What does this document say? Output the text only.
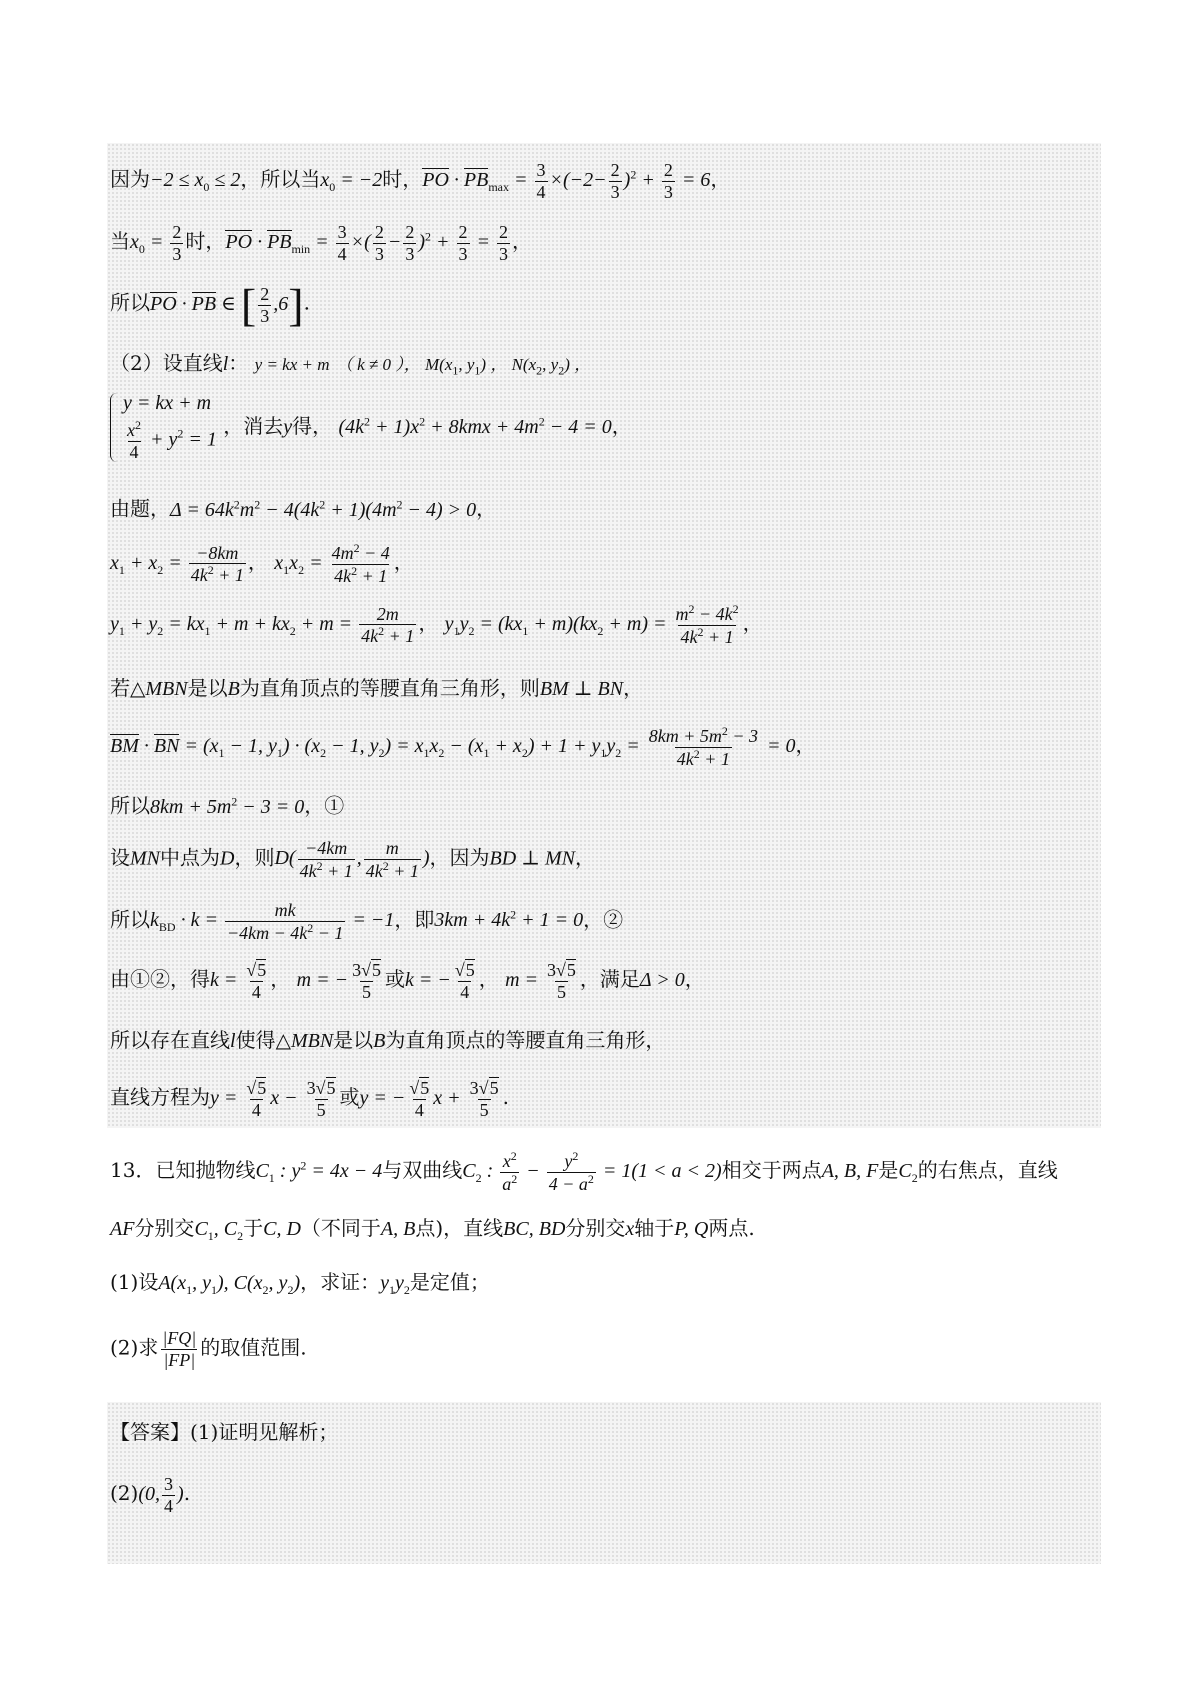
因为$-2 \le x_0 \le 2$，所以当$x_0 = -2$时，PO · $PB_{max} = \frac{3}{4} \times(-2- \frac{2}{3} )^2 + \frac{2}{3} = 6$，
当$x_0 = \frac{2}{3}$ 时，PO · $PB_{min} = \frac{3}{4}$ ×( $\frac{2}{3} - \frac{2}{3} )^2 + \frac{2}{3} = \frac{2}{3}$ ，
所以PO · PB ∈ [ $\frac{2}{3} ,6$].
（2）设直线l： y = kx + m （ k ≠ 0 ）， $M(x_1$, $y_1$) ， $N(x_2$, $y_2$) ，
y = kx + m
$\frac{x^2}{4} + y^2 = 1$
，消去y得， $(4k^2 + 1)x^2 + 8kmx + 4m^2 - 4 = 0$，
由题，$\Delta = 64k^2m^2 - 4(4k^2 + 1)(4m^2 - 4) > 0$，
$x_1 + x_2 = \frac{-8km}{4k^2 + 1}$ ， $x_1x_2 = \frac{4m^2 - 4}{4k^2 + 1}$ ，
$y_1 + y_2 = kx_1 + m + kx_2 + m = \frac{2m}{4k^2 + 1}$ ， $y_1y_2 = (kx_1 + m)(kx_2 + m) = \frac{m^2 - 4k^2}{4k^2 + 1}$ ，
若△MBN是以B为直角顶点的等腰直角三角形，则BM ⊥ BN，
BM · BN = ($x_1 - 1$, $y_1) \cdot (x_2 - 1$, $y_2) = x_1x_2 - (x_1 + x_2) + 1 + y_1y_2 = \frac{8km + 5m^2 - 3}{4k^2 + 1} = 0$，
所以$8km + 5m^2 - 3 = 0$，①
设MN中点为D，则$D( \frac{-4km}{4k^2 + 1}$ , $\frac{m}{4k^2 + 1}$ )，因为BD ⊥ MN，
所以$k_{BD} \cdot k = \frac{mk}{-4km - 4k^2 - 1} = -1$，即$3km + 4k^2 + 1 = 0$，②
由①②，得$k = \frac{√5}{4}$ ， m = − $\frac{3√5}{5}$ 或k = − $\frac{√5}{4}$ ， $m = \frac{3√5}{5}$ ，满足Δ > 0，
所以存在直线l使得△MBN是以B为直角顶点的等腰直角三角形，
直线方程为$y = \frac{√5}{4}$ $x - \frac{3√5}{5}$ 或y = − $\frac{√5}{4}$ $x + \frac{3√5}{5}$ .
13．已知抛物线$C_1$ : $y^2 = 4x - 4$与双曲线$C_2$ : $\frac{x^2}{a^2} - \frac{y^2}{4 - a^2} = 1(1 < a < 2)$相交于两点A, B, F是$C_2$的右焦点，直线
AF分别交$C_1$, $C_2$于C, D（不同于A, B点)，直线BC, BD分别交x轴于P, Q两点.
(1)设$A(x_1$, $y_1$), $C(x_2$, $y_2$)，求证：$y_1y_2$是定值；
(2)求 $\frac{|FQ|}{|FP|}$ 的取值范围.
【答案】(1)证明见解析；
(2)(0, $\frac{3}{4}$ ).
